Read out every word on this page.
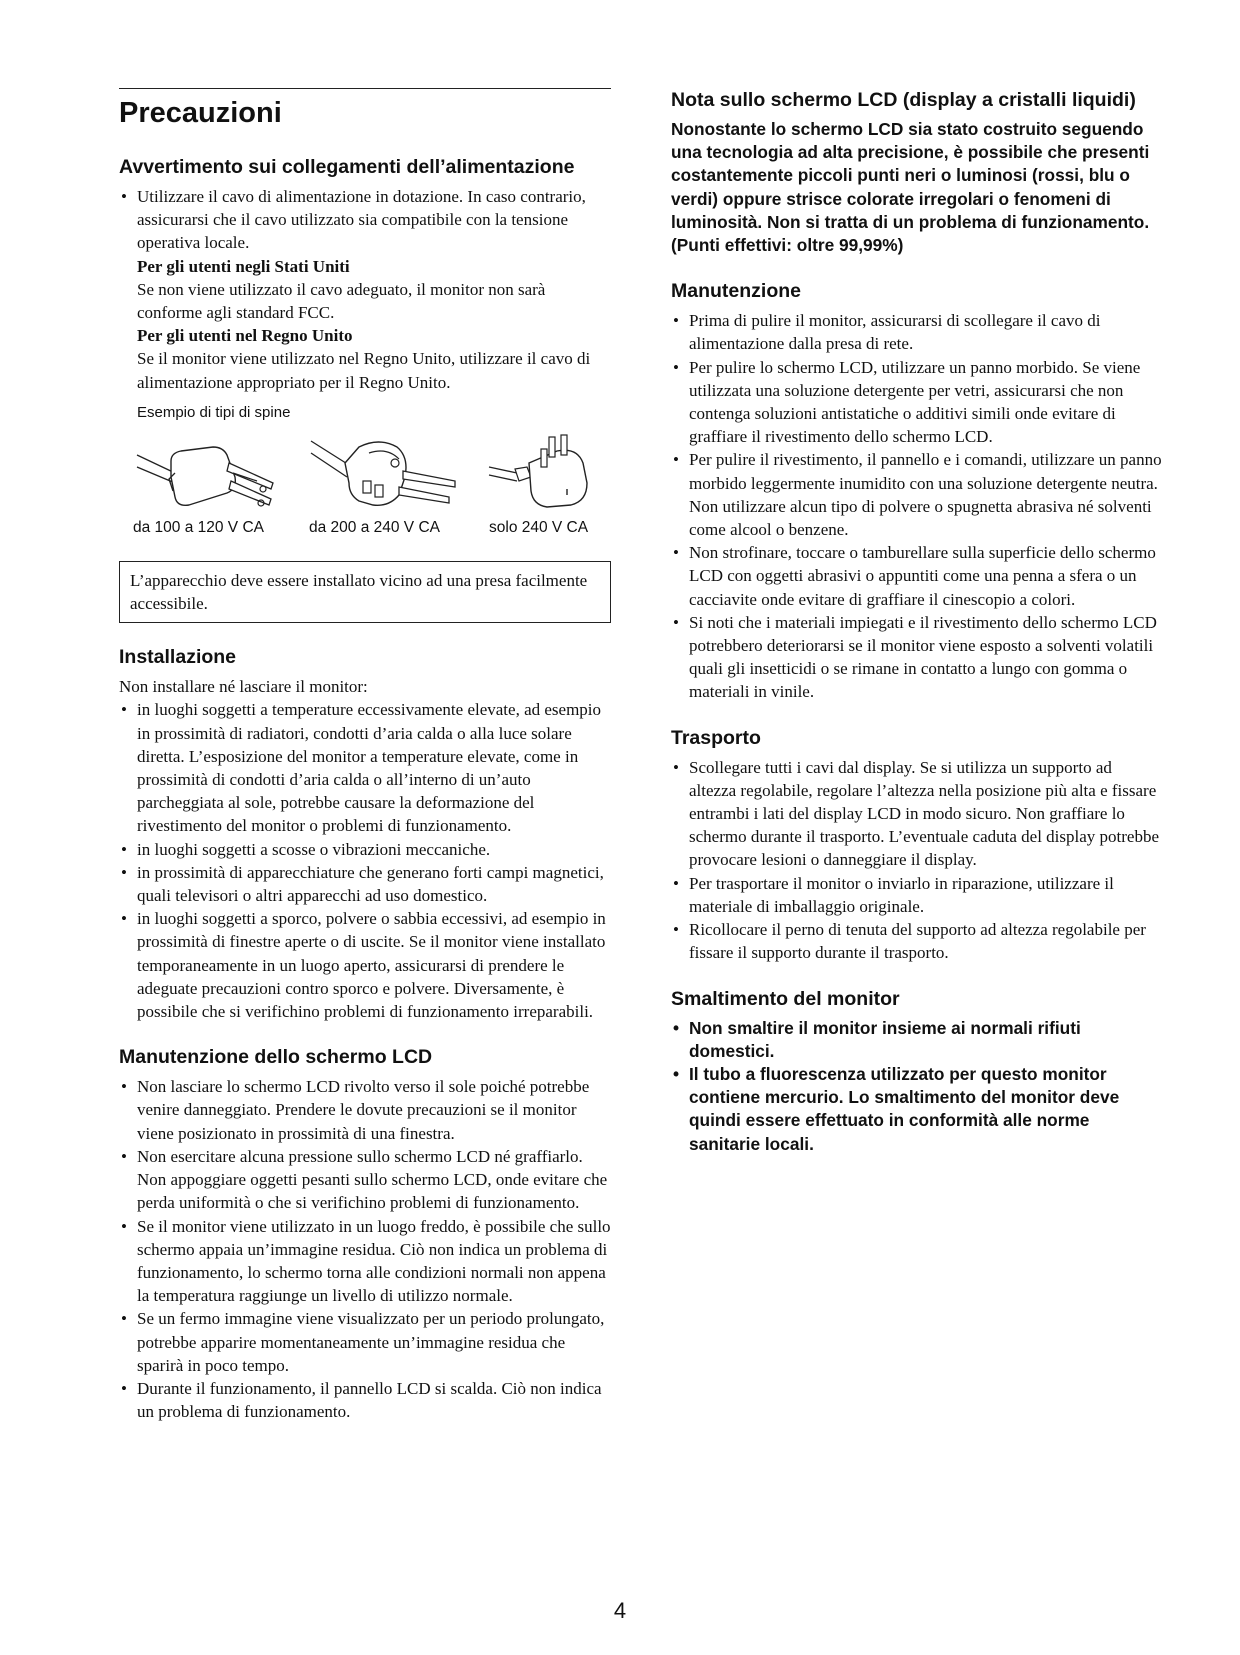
Precauzioni
Avvertimento sui collegamenti dell’alimentazione
• Utilizzare il cavo di alimentazione in dotazione. In caso contrario, assicurarsi che il cavo utilizzato sia compatibile con la tensione operativa locale.
Per gli utenti negli Stati Uniti
Se non viene utilizzato il cavo adeguato, il monitor non sarà conforme agli standard FCC.
Per gli utenti nel Regno Unito
Se il monitor viene utilizzato nel Regno Unito, utilizzare il cavo di alimentazione appropriato per il Regno Unito.
Esempio di tipi di spine
da 100 a 120 V CA	da 200 a 240 V CA	solo 240 V CA
L’apparecchio deve essere installato vicino ad una presa facilmente accessibile.
Installazione

Non installare né lasciare il monitor:

• in luoghi soggetti a temperature eccessivamente elevate, ad esempio in prossimità di radiatori, condotti d’aria calda o alla luce solare diretta. L’esposizione del monitor a temperature elevate, come in prossimità di condotti d’aria calda o all’interno di un’auto parcheggiata al sole, potrebbe causare la deformazione del rivestimento del monitor o problemi di funzionamento.
• in luoghi soggetti a scosse o vibrazioni meccaniche.
• in prossimità di apparecchiature che generano forti campi magnetici, quali televisori o altri apparecchi ad uso domestico.
• in luoghi soggetti a sporco, polvere o sabbia eccessivi, ad esempio in prossimità di finestre aperte o di uscite. Se il monitor viene installato temporaneamente in un luogo aperto, assicurarsi di prendere le adeguate precauzioni contro sporco e polvere. Diversamente, è possibile che si verifichino problemi di funzionamento irreparabili.
Manutenzione dello schermo LCD
• Non lasciare lo schermo LCD rivolto verso il sole poiché potrebbe venire danneggiato. Prendere le dovute precauzioni se il monitor viene posizionato in prossimità di una finestra.
• Non esercitare alcuna pressione sullo schermo LCD né graffiarlo. Non appoggiare oggetti pesanti sullo schermo LCD, onde evitare che perda uniformità o che si verifichino problemi di funzionamento.
• Se il monitor viene utilizzato in un luogo freddo, è possibile che sullo schermo appaia un’immagine residua. Ciò non indica un problema di funzionamento, lo schermo torna alle condizioni normali non appena la temperatura raggiunge un livello di utilizzo normale.
• Se un fermo immagine viene visualizzato per un periodo prolungato, potrebbe apparire momentaneamente un’immagine residua che sparirà in poco tempo.
• Durante il funzionamento, il pannello LCD si scalda. Ciò non indica un problema di funzionamento.
Nota sullo schermo LCD (display a cristalli liquidi)

Nonostante lo schermo LCD sia stato costruito seguendo una tecnologia ad alta precisione, è possibile che presenti costantemente piccoli punti neri o luminosi (rossi, blu o verdi) oppure strisce colorate irregolari o fenomeni di luminosità. Non si tratta di un problema di funzionamento.

(Punti effettivi: oltre 99,99%)

Manutenzione
• Prima di pulire il monitor, assicurarsi di scollegare il cavo di alimentazione dalla presa di rete.
• Per pulire lo schermo LCD, utilizzare un panno morbido. Se viene utilizzata una soluzione detergente per vetri, assicurarsi che non contenga soluzioni antistatiche o additivi simili onde evitare di graffiare il rivestimento dello schermo LCD.
• Per pulire il rivestimento, il pannello e i comandi, utilizzare un panno morbido leggermente inumidito con una soluzione detergente neutra. Non utilizzare alcun tipo di polvere o spugnetta abrasiva né solventi come alcool o benzene.
• Non strofinare, toccare o tamburellare sulla superficie dello schermo LCD con oggetti abrasivi o appuntiti come una penna a sfera o un cacciavite onde evitare di graffiare il cinescopio a colori.
• Si noti che i materiali impiegati e il rivestimento dello schermo LCD potrebbero deteriorarsi se il monitor viene esposto a solventi volatili quali gli insetticidi o se rimane in contatto a lungo con gomma o materiali in vinile.
Trasporto
• Scollegare tutti i cavi dal display. Se si utilizza un supporto ad altezza regolabile, regolare l’altezza nella posizione più alta e fissare entrambi i lati del display LCD in modo sicuro. Non graffiare lo schermo durante il trasporto. L’eventuale caduta del display potrebbe provocare lesioni o danneggiare il display.
• Per trasportare il monitor o inviarlo in riparazione, utilizzare il materiale di imballaggio originale.
• Ricollocare il perno di tenuta del supporto ad altezza regolabile per fissare il supporto durante il trasporto.
Smaltimento del monitor
• Non smaltire il monitor insieme ai normali rifiuti domestici.
• Il tubo a fluorescenza utilizzato per questo monitor contiene mercurio. Lo smaltimento del monitor deve quindi essere effettuato in conformità alle norme sanitarie locali.
4
